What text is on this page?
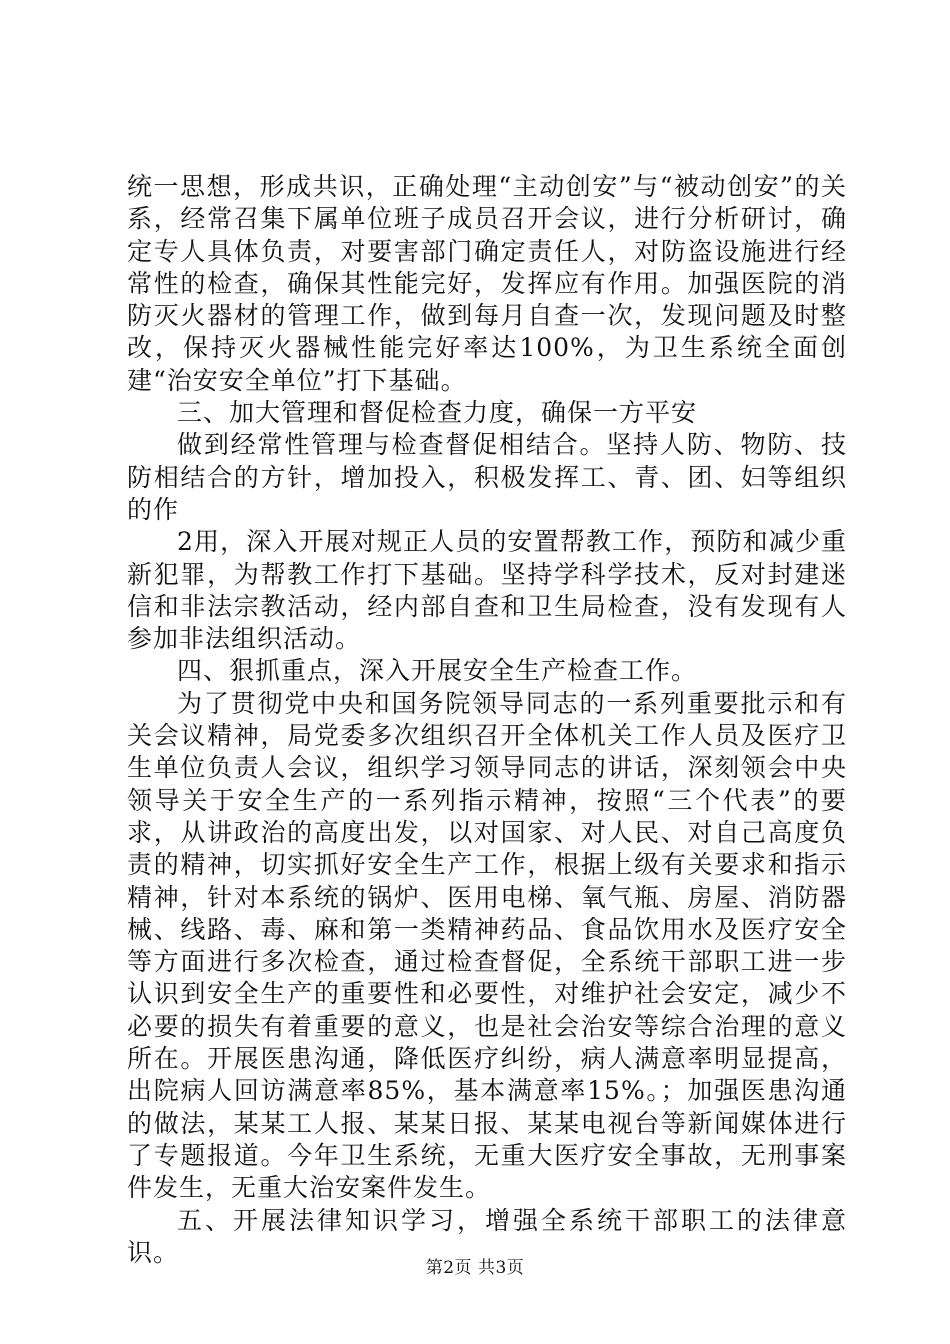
统一思想，形成共识，正确处理“主动创安”与“被动创安”的关系，经常召集下属单位班子成员召开会议，进行分析研讨，确定专人具体负责，对要害部门确定责任人，对防盗设施进行经常性的检查，确保其性能完好，发挥应有作用。加强医院的消防灭火器材的管理工作，做到每月自查一次，发现问题及时整改，保持灭火器械性能完好率达100%，为卫生系统全面创建“治安安全单位”打下基础。

三、加大管理和督促检查力度，确保一方平安

做到经常性管理与检查督促相结合。坚持人防、物防、技防相结合的方针，增加投入，积极发挥工、青、团、妇等组织的作

2用，深入开展对规正人员的安置帮教工作，预防和减少重新犯罪，为帮教工作打下基础。坚持学科学技术，反对封建迷信和非法宗教活动，经内部自查和卫生局检查，没有发现有人参加非法组织活动。

四、狠抓重点，深入开展安全生产检查工作。

为了贯彻党中央和国务院领导同志的一系列重要批示和有关会议精神，局党委多次组织召开全体机关工作人员及医疗卫生单位负责人会议，组织学习领导同志的讲话，深刻领会中央领导关于安全生产的一系列指示精神，按照“三个代表”的要求，从讲政治的高度出发，以对国家、对人民、对自己高度负责的精神，切实抓好安全生产工作，根据上级有关要求和指示精神，针对本系统的锅炉、医用电梯、氧气瓶、房屋、消防器械、线路、毒、麻和第一类精神药品、食品饮用水及医疗安全等方面进行多次检查，通过检查督促，全系统干部职工进一步认识到安全生产的重要性和必要性，对维护社会安定，减少不必要的损失有着重要的意义，也是社会治安等综合治理的意义所在。开展医患沟通，降低医疗纠纷，病人满意率明显提高，出院病人回访满意率85%，基本满意率15%。；加强医患沟通的做法，某某工人报、某某日报、某某电视台等新闻媒体进行了专题报道。今年卫生系统，无重大医疗安全事故，无刑事案件发生，无重大治安案件发生。

五、开展法律知识学习，增强全系统干部职工的法律意识。

第2页 共3页
